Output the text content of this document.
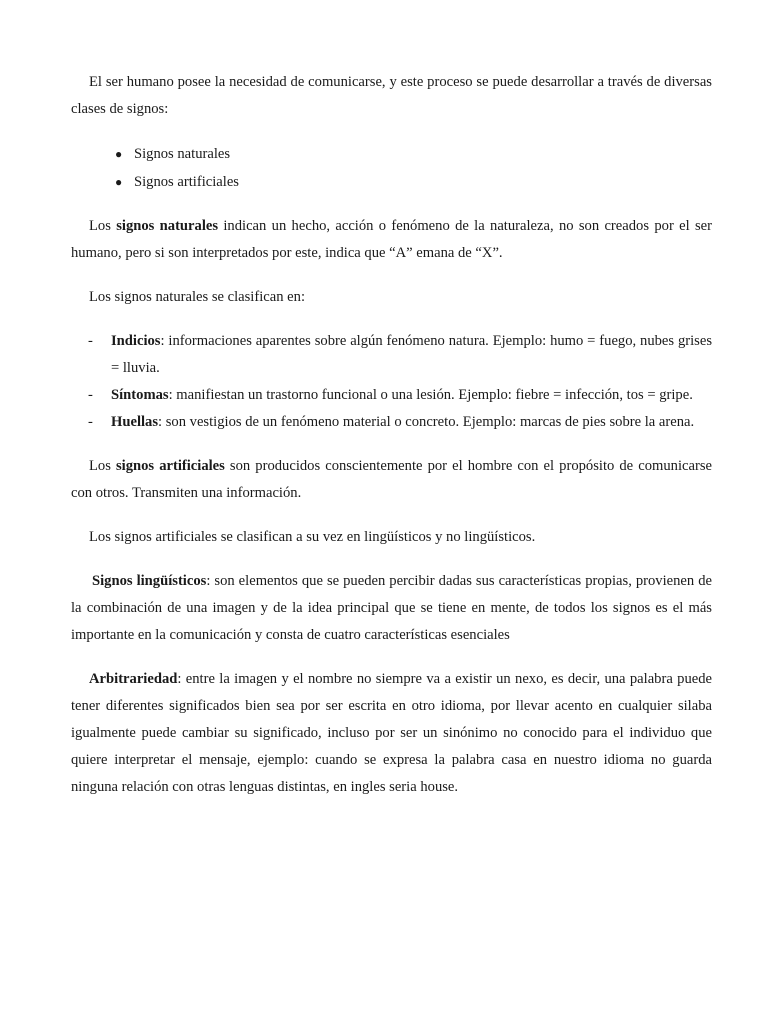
El ser humano posee la necesidad de comunicarse, y este proceso se puede desarrollar a través de diversas clases de signos:

● Signos naturales
● Signos artificiales

Los signos naturales indican un hecho, acción o fenómeno de la naturaleza, no son creados por el ser humano, pero si son interpretados por este, indica que “A” emana de “X”.

Los signos naturales se clasifican en:

- Indicios: informaciones aparentes sobre algún fenómeno natura. Ejemplo: humo = fuego, nubes grises = lluvia.
- Síntomas: manifiestan un trastorno funcional o una lesión. Ejemplo: fiebre = infección, tos = gripe.
- Huellas: son vestigios de un fenómeno material o concreto. Ejemplo: marcas de pies sobre la arena.

Los signos artificiales son producidos conscientemente por el hombre con el propósito de comunicarse con otros. Transmiten una información.

Los signos artificiales se clasifican a su vez en lingüísticos y no lingüísticos.

Signos lingüísticos: son elementos que se pueden percibir dadas sus características propias, provienen de la combinación de una imagen y de la idea principal que se tiene en mente, de todos los signos es el más importante en la comunicación y consta de cuatro características esenciales

Arbitrariedad: entre la imagen y el nombre no siempre va a existir un nexo, es decir, una palabra puede tener diferentes significados bien sea por ser escrita en otro idioma, por llevar acento en cualquier silaba igualmente puede cambiar su significado, incluso por ser un sinónimo no conocido para el individuo que quiere interpretar el mensaje, ejemplo: cuando se expresa la palabra casa en nuestro idioma no guarda ninguna relación con otras lenguas distintas, en ingles seria house.
